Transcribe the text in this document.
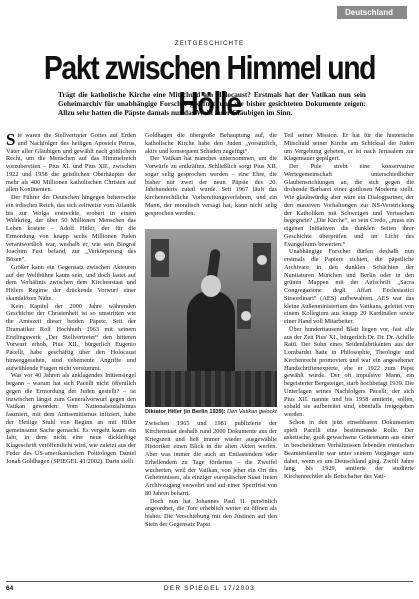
Deutschland
ZEITGESCHICHTE
Pakt zwischen Himmel und Hölle

Trägt die katholische Kirche eine Mitschuld am Holocaust? Erstmals hat der Vatikan nun sein Geheimarchiv für unabhängige Forscher geöffnet, und die bisher gesichteten Dokumente zeigen: Allzu sehr hatten die Päpste damals nur das Wohl ihrer Gläubigen im Sinn.

Sie waren die Stellvertreter Gottes auf Erden und Nachfolger des heiligen Apostels Petrus, Väter aller Gläubigen und gewählt nach göttlichem Recht, um die Menschen auf das Himmelreich vorzubereiten – Pius XI. und Pius XII., zwischen 1922 und 1958 die geistlichen Oberhäupter der mehr als 400 Millionen katholischen Christen auf allen Kontinenten.

Der Führer der Deutschen hingegen beherrschte ein irdisches Reich, das sich zeitweise vom Atlantik bis zur Wolga erstreckte, erobert in einem Weltkrieg, der über 50 Millionen Menschen das Leben kostete – Adolf Hitler, der für die Ermordung von knapp sechs Millionen Juden verantwortlich war, weshalb er, wie sein Biograf Joachim Fest befand, zur „Verkörperung des Bösen“.

Größer kann ein Gegensatz zwischen Akteuren auf der Weltbühne kaum sein, und doch lastet auf dem Verhältnis zwischen dem Kirchenstaat und Hitlers Regime der drückende Vorwurf einer skandalösen Nähe.

Kein Kapitel der 2000 Jahre währenden Geschichte der Christenheit ist so umstritten wie die Amtszeit dieser beiden Päpste. Seit der Dramatiker Rolf Hochhuth 1963 mit seinem Erstlingswerk „Der Stellvertreter“ den bitteren Vorwurf erhob, Pius XII., bürgerlich Eugenio Pacelli, habe geschäftig über den Holocaust hinweggesehen, sind vehemente Angriffe und aufwühlende Fragen nicht verstummt.

Was vor 40 Jahren als anklagendes Initiensiegel begann – warum hat sich Pacelli nicht öffentlich gegen die Ermordung der Juden gestellt? – ist inzwischen längst zum Generalvorwurf gegen den Vatikan geworden: Vom Nationalsozialismus faszniert, mit dem Antisemitismus infiziert, habe der Heilige Stuhl von Beginn an mit Hitler gemeinsame Sache gemacht. Es vergeht kaum ein Jahr, in dem nicht eine neue dickleibige Klageschrift veröffentlicht wird, wie zuletzt aus der Feder des US-amerikanischen Politologen Daniel Jonah Goldhagen (SPIEGEL 41/2002). Darin stellt

Goldhagen die übergroße Behauptung auf, die katholische Kirche habe den Juden „vorsätzlich, aktiv und konsequent Schaden zugefügt“.

Der Vatikan hat manches unternommen, um die Vorwürfe zu entkräften. Schließlich sorgt Pius XII. sogar selig gesprochen werden – eine Ehre, die bisher nur zwei der neun Päpste des 20. Jahrhunderts zuteil wurde. Seit 1967 läuft das kirchenrechtliche Vorbereitungsverfahren, und ein Mann, der moralisch versagt hat, kann nicht selig gesprochen werden.

Diktator Hitler (in Berlin 1939): Den Vatikan gelockt

Zwischen 1965 und 1981 publizierte der Kirchenstaat deshalb rund 2000 Dokumente aus der Kriegszeit und ließ immer wieder ausgewählte Historiker einen Blick in die alten Akten werfen. Aber was immer die auch an Entlastendem oder Erhellendem zu Tage förderten – die Zweifel wucherten, weil der Vatikan, von jeher ein Ort des Geheimnisses, als einziger europäischer Staat freien Archivzugang verwehrt und auf einer Sperrfrist von 80 Jahren beharrt.

Doch nun hat Johannes Paul II. persönlich angeordnet, die Tore erheblich weiter zu öffnen als bisher. Die Verschiebung mit den Justinen auf den Stein der Gegensatz Papst

Teil seiner Mission. Er hat für die historische Mitschuld seiner Kirche am Schicksal der Juden um Vergebung gebeten, er ist nach Jerusalem zur Klagemauer gepilgert.

Der Pole strebt eine konservative Wertegemeinschaft unterschiedlicher Glaubensrichtungen an, die sich gegen die drohende Barbarei einer gottlosen Moderne stellt. Wie glaubwürdig aber wäre ein Dialogpartner, der den massiven Vorhaltungen zur NS-Verstrickung der Katholiken mit Schweigen und Vertuschen begegnete? „Die Kirche“, so sein Credo, „muss ein eigenen Initiativen die dunklen Seiten ihrer Geschichte überprüfen und im Licht des Evangeliums bewerten.“

Unabhängige Forscher dürfen deshalb nun erstmals die Papiere sichten, die päpstliche Archivare in den dunklen Schächten der Nuntiaturen München und Berlin oder in den grünen Mappen mit der Aufschrift „Sacra Congregazione degli Affari Ecclesiastici Straordinari“ (AES) aufbewahren. AES war das kleine Außenministerium des Vatikans, geleitet von einem Kollegium aus knapp 20 Kardinälen sowie einer Hand voll Mitarbeiter.

Über hunderttausend Blatt liegen vor, fast alle aus der Zeit Pius' XI., bürgerlich Dr. Dr. Dr. Achille Ratti. Der Sohn eines Seidenfabrikanten aus der Lombardei hatte in Philosophie, Theologie und Kirchenrecht promoviert und war ein angesehener Handschriftenexperte, ehe er 1922 zum Papst gewählt wurde. Der oft impulsive Mann, ein begeisterter Bergsteiger, starb hochbetagt 1939. Die Unterlagen seines Nachfolgers Pacelli, der sich Pius XII. nannte und bis 1958 amtierte, sollen, sobald sie aufbereitet sind, ebenfalls freigegeben werden.

Schon in den jetzt einsehbaren Dokumenten spielt Pacelli eine bestimmende Rolle. Der asketische, groß gewachsene Gottesmann aus einer in bescheidenen Verhältnissen lebenden römischen Beamtenfamilie war unter seinem Vorgänger stets dabei, wenn es um Deutschland ging. Zwölf Jahre lang, bis 1929, amtierte der studierte Kirchenrechtler als Botschafter des Vati-

64	DER SPIEGEL 17/2003
